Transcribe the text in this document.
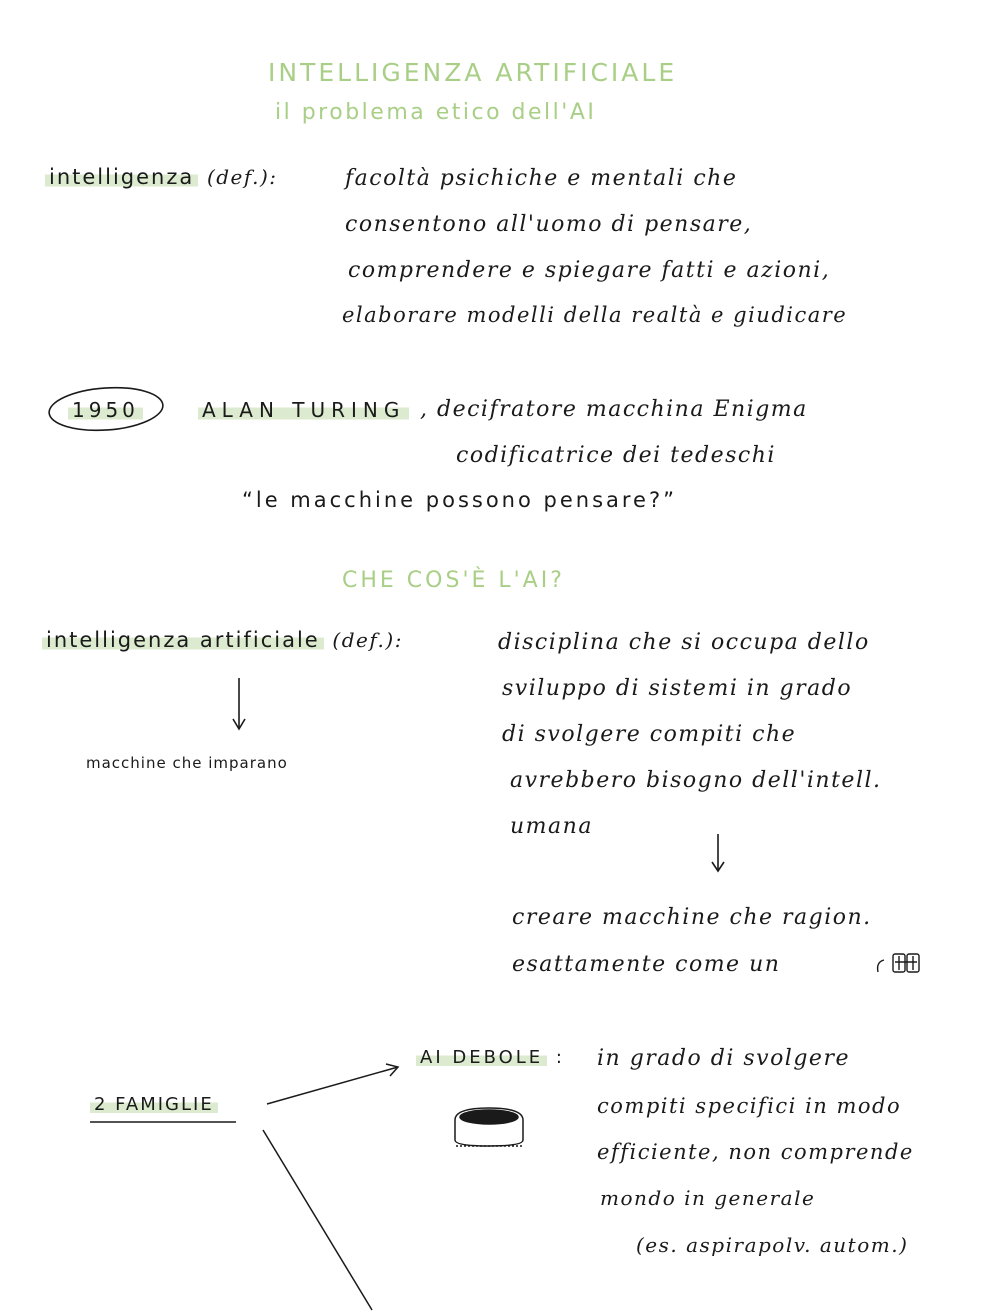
INTELLIGENZA ARTIFICIALE
il problema etico dell'AI
intelligenza (def.):	facoltà psichiche e mentali che
consentono all'uomo di pensare,
comprendere e spiegare fatti e azioni,
elaborare modelli della realtà e giudicare
1950	ALAN TURING , decifratore macchina Enigma
codificatrice dei tedeschi
“le macchine possono pensare?”
CHE COS'È L'AI?
intelligenza artificiale (def.):	disciplina che si occupa dello
sviluppo di sistemi in grado
di svolgere compiti che
avrebbero bisogno dell'intell.
umana
macchine che imparano
creare macchine che ragion.
esattamente come un
2 FAMIGLIE
AI DEBOLE : in grado di svolgere
compiti specifici in modo
efficiente, non comprende
mondo in generale
(es. aspirapolv. autom.)
